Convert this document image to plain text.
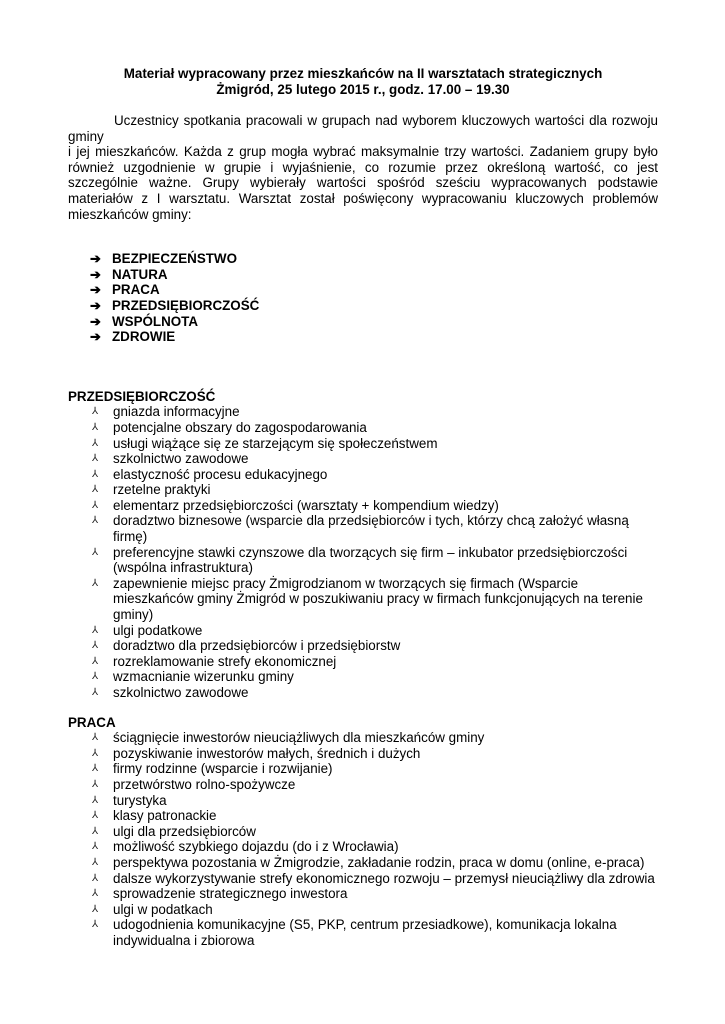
Materiał wypracowany przez mieszkańców na II warsztatach strategicznych

Żmigród, 25 lutego 2015 r., godz. 17.00 – 19.30

Uczestnicy spotkania pracowali w grupach nad wyborem kluczowych wartości dla rozwoju gminy

i jej mieszkańców. Każda z grup mogła wybrać maksymalnie trzy wartości. Zadaniem grupy było również uzgodnienie w grupie i wyjaśnienie, co rozumie przez określoną wartość, co jest szczególnie ważne. Grupy wybierały wartości spośród sześciu wypracowanych podstawie materiałów z I warsztatu. Warsztat został poświęcony wypracowaniu kluczowych problemów mieszkańców gminy:

➔ BEZPIECZEŃSTWO
➔ NATURA
➔ PRACA
➔ PRZEDSIĘBIORCZOŚĆ
➔ WSPÓLNOTA
➔ ZDROWIE

PRZEDSIĘBIORCZOŚĆ

⅄	gniazda informacyjne
⅄	potencjalne obszary do zagospodarowania
⅄	usługi wiążące się ze starzejącym się społeczeństwem
⅄	szkolnictwo zawodowe
⅄	elastyczność procesu edukacyjnego
⅄	rzetelne praktyki
⅄	elementarz przedsiębiorczości (warsztaty + kompendium wiedzy)
⅄	doradztwo biznesowe (wsparcie dla przedsiębiorców i tych, którzy chcą założyć własną firmę)
⅄	preferencyjne stawki czynszowe dla tworzących się firm – inkubator przedsiębiorczości (wspólna infrastruktura)
⅄	zapewnienie miejsc pracy Żmigrodzianom w tworzących się firmach (Wsparcie mieszkańców gminy Żmigród w poszukiwaniu pracy w firmach funkcjonujących na terenie gminy)
⅄	ulgi podatkowe
⅄	doradztwo dla przedsiębiorców i przedsiębiorstw
⅄	rozreklamowanie strefy ekonomicznej
⅄	wzmacnianie wizerunku gminy
⅄	szkolnictwo zawodowe

PRACA

⅄	ściągnięcie inwestorów nieuciążliwych dla mieszkańców gminy
⅄	pozyskiwanie inwestorów małych, średnich i dużych
⅄	firmy rodzinne (wsparcie i rozwijanie)
⅄	przetwórstwo rolno-spożywcze
⅄	turystyka
⅄	klasy patronackie
⅄	ulgi dla przedsiębiorców
⅄	możliwość szybkiego dojazdu (do i z Wrocławia)
⅄	perspektywa pozostania w Żmigrodzie, zakładanie rodzin, praca w domu (online, e-praca)
⅄	dalsze wykorzystywanie strefy ekonomicznego rozwoju – przemysł nieuciążliwy dla zdrowia
⅄	sprowadzenie strategicznego inwestora
⅄	ulgi w podatkach
⅄	udogodnienia komunikacyjne (S5, PKP, centrum przesiadkowe), komunikacja lokalna indywidualna i zbiorowa
